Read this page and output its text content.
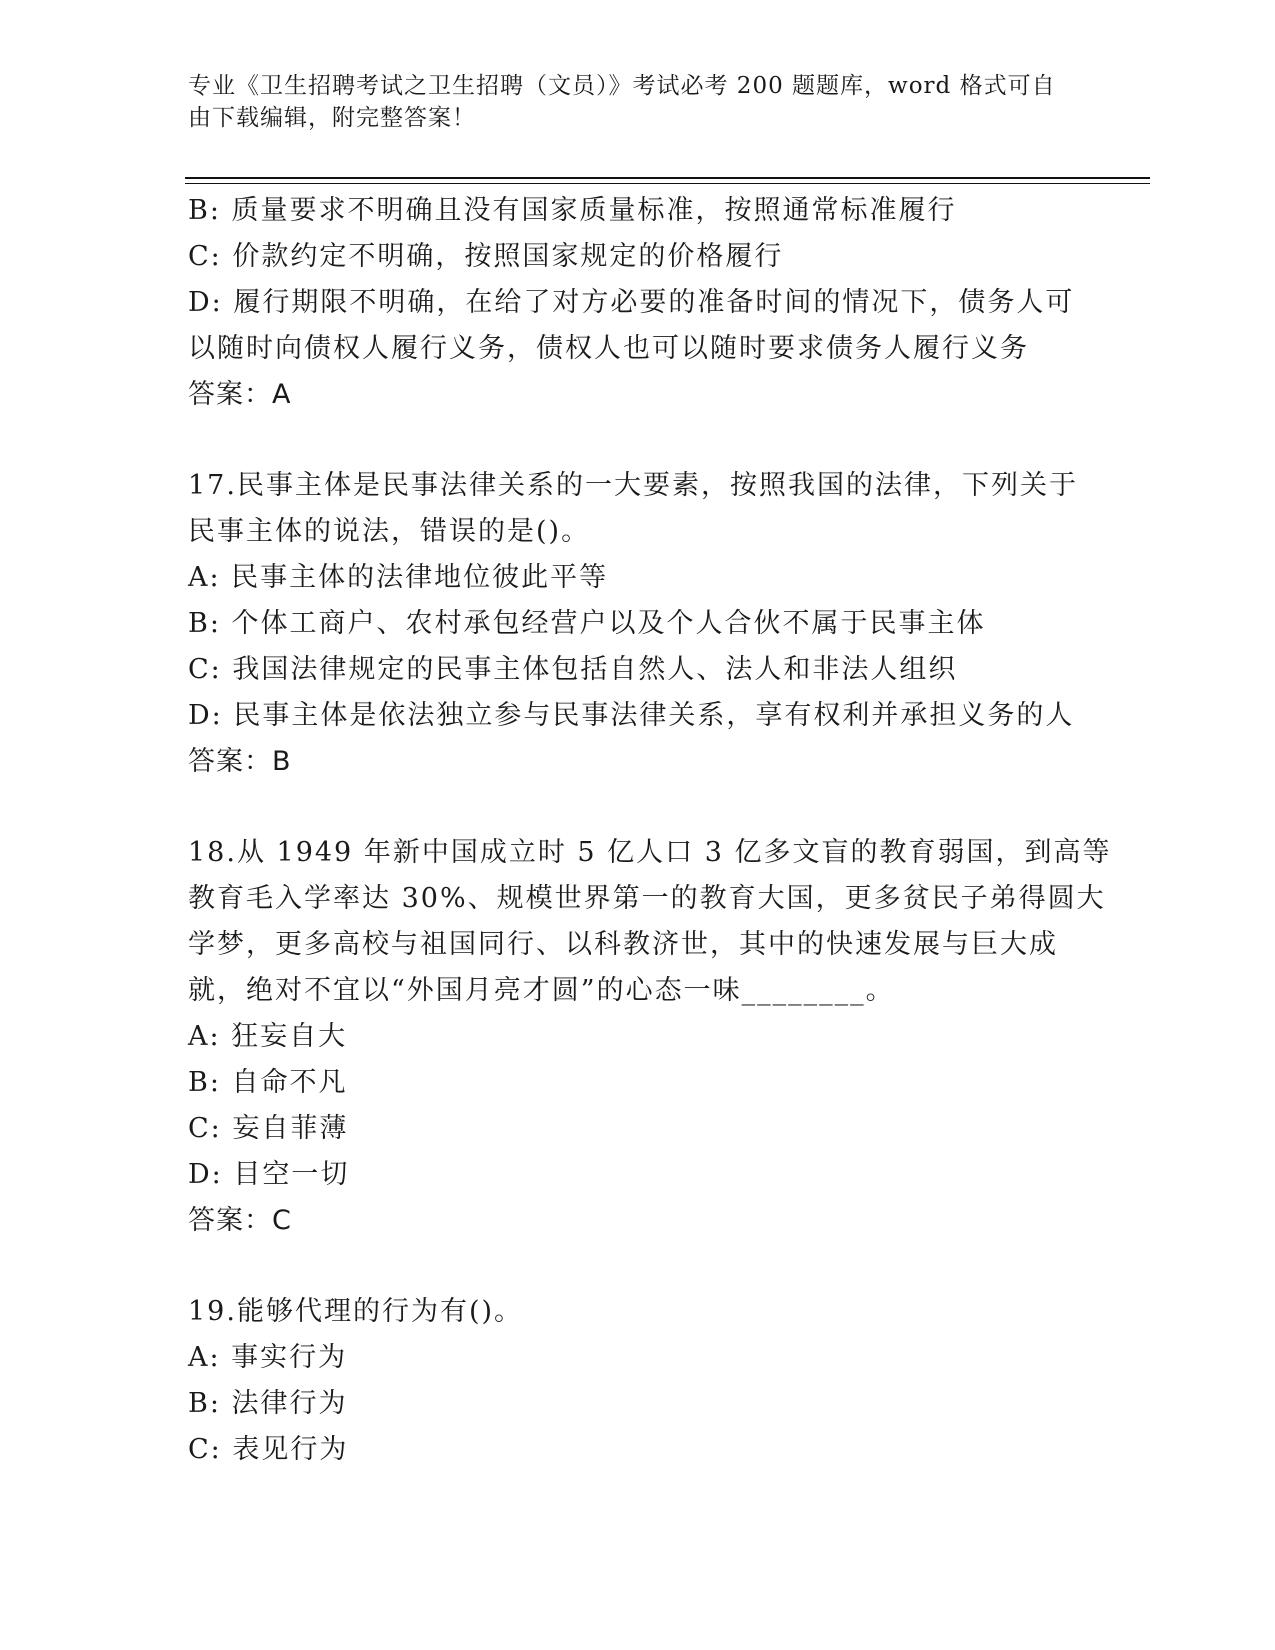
专业《卫生招聘考试之卫生招聘（文员）》考试必考 200 题题库，word 格式可自
由下载编辑，附完整答案！
B: 质量要求不明确且没有国家质量标准，按照通常标准履行
C: 价款约定不明确，按照国家规定的价格履行
D: 履行期限不明确，在给了对方必要的准备时间的情况下，债务人可
以随时向债权人履行义务，债权人也可以随时要求债务人履行义务
答案：A
17.民事主体是民事法律关系的一大要素，按照我国的法律，下列关于
民事主体的说法，错误的是()。
A: 民事主体的法律地位彼此平等
B: 个体工商户、农村承包经营户以及个人合伙不属于民事主体
C: 我国法律规定的民事主体包括自然人、法人和非法人组织
D: 民事主体是依法独立参与民事法律关系，享有权利并承担义务的人
答案：B
18.从 1949 年新中国成立时 5 亿人口 3 亿多文盲的教育弱国，到高等
教育毛入学率达 30%、规模世界第一的教育大国，更多贫民子弟得圆大
学梦，更多高校与祖国同行、以科教济世，其中的快速发展与巨大成
就，绝对不宜以“外国月亮才圆”的心态一味________。
A: 狂妄自大
B: 自命不凡
C: 妄自菲薄
D: 目空一切
答案：C
19.能够代理的行为有()。
A: 事实行为
B: 法律行为
C: 表见行为
